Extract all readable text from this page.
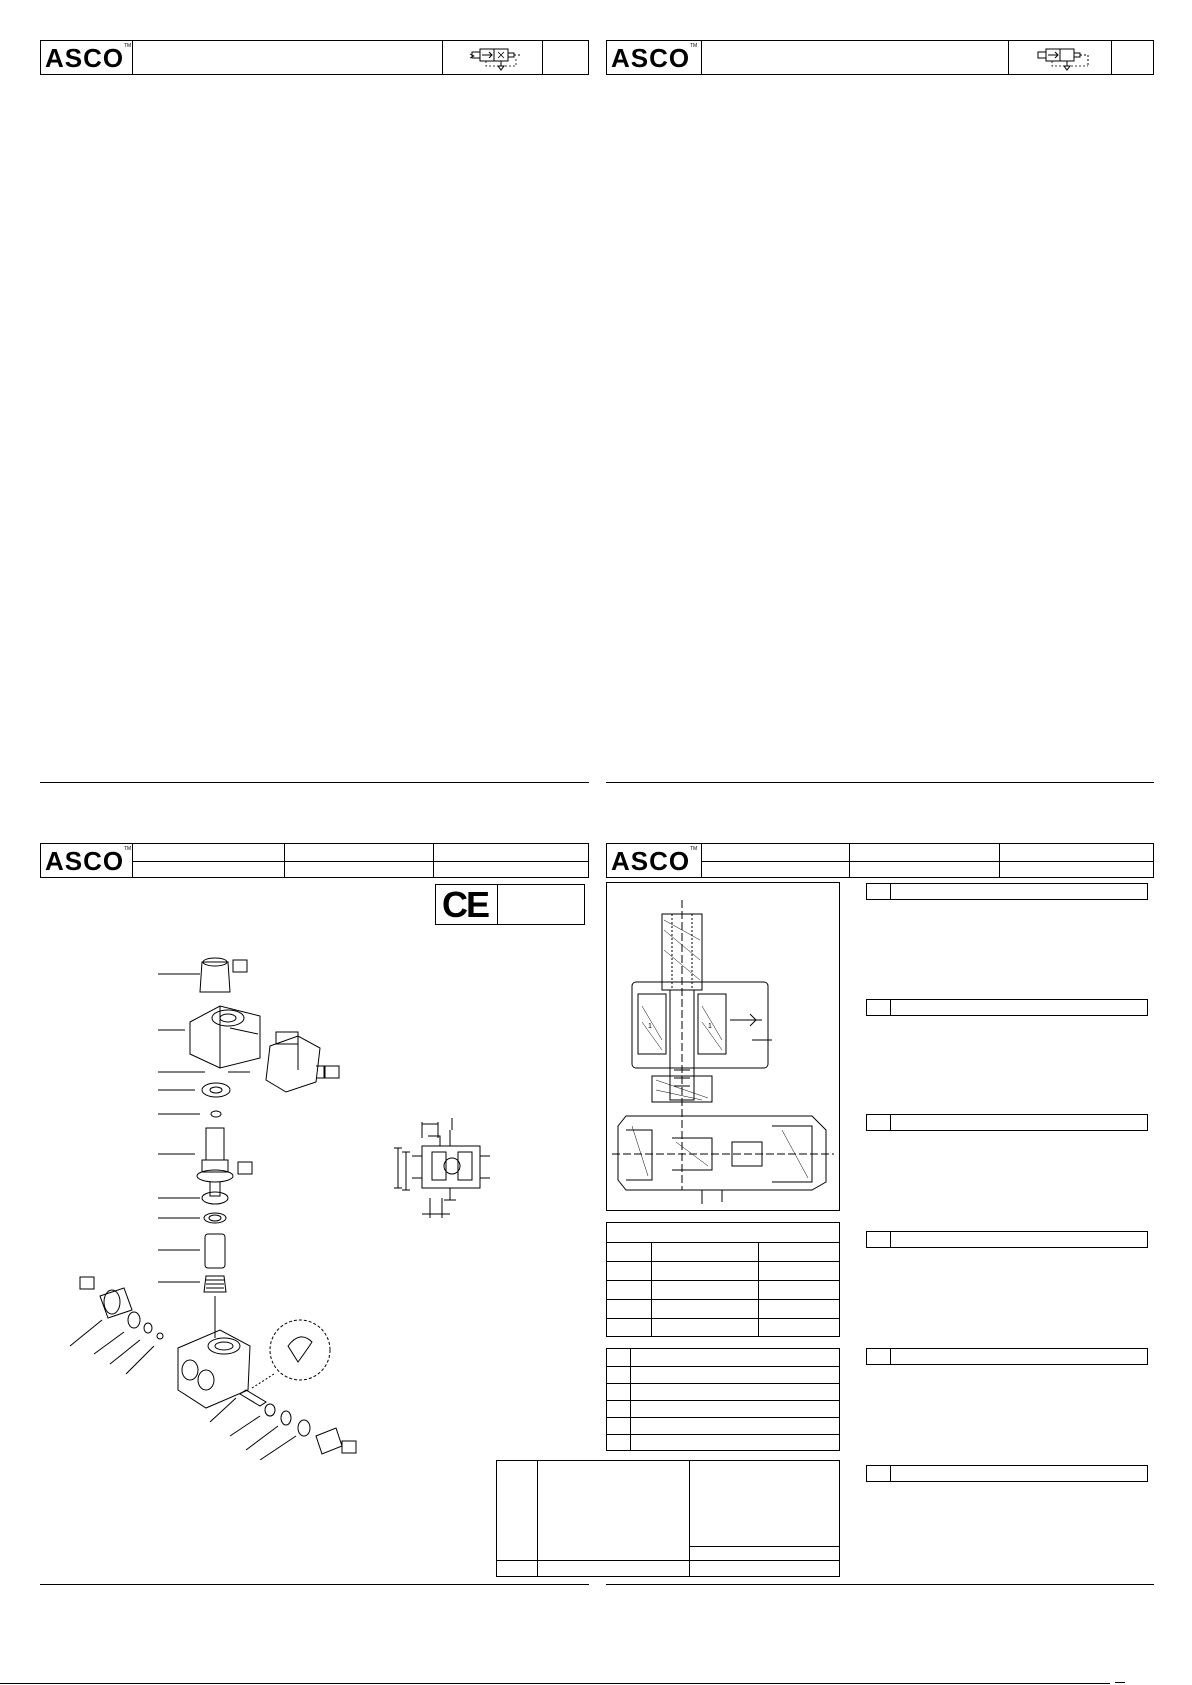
ASCO TM	ASCO TM
ASCO TM
CE
ASCO TM
1	1
